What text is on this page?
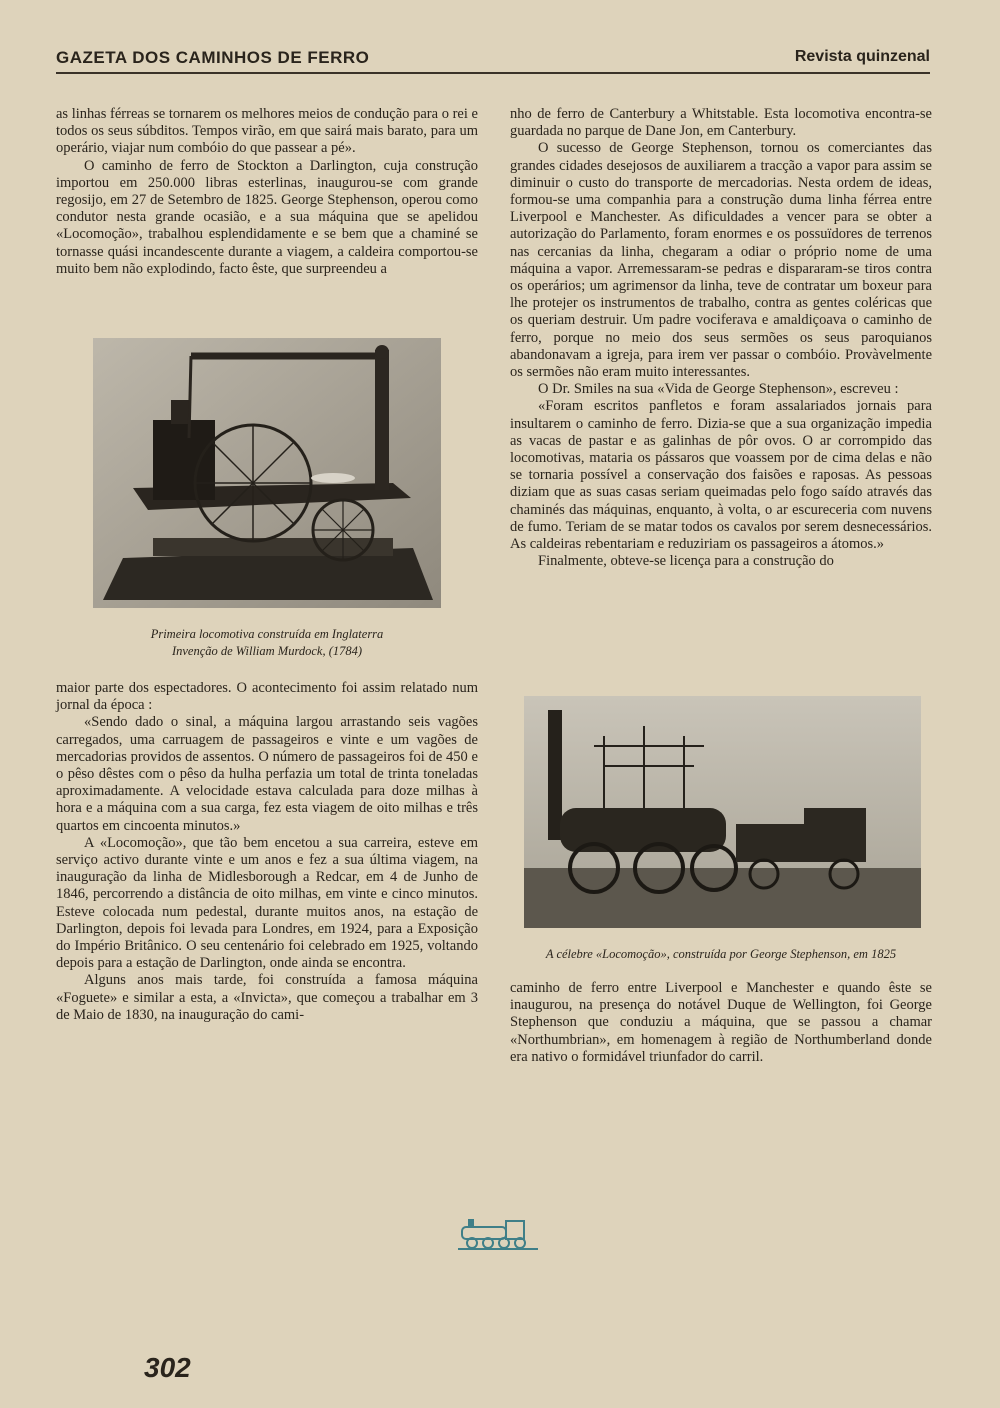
GAZETA DOS CAMINHOS DE FERRO	Revista quinzenal

as linhas férreas se tornarem os melhores meios de condução para o rei e todos os seus súbditos. Tempos virão, em que sairá mais barato, para um operário, viajar num combóio do que passear a pé».

O caminho de ferro de Stockton a Darlington, cuja construção importou em 250.000 libras esterlinas, inaugurou-se com grande regosijo, em 27 de Setembro de 1825. George Stephenson, operou como condutor nesta grande ocasião, e a sua máquina que se apelidou «Locomoção», trabalhou esplendidamente e se bem que a chaminé se tornasse quási incandescente durante a viagem, a caldeira comportou-se muito bem não explodindo, facto êste, que surpreendeu a

Primeira locomotiva construída em Inglaterra
Invenção de William Murdock, (1784)

maior parte dos espectadores. O acontecimento foi assim relatado num jornal da época :

«Sendo dado o sinal, a máquina largou arrastando seis vagões carregados, uma carruagem de passageiros e vinte e um vagões de mercadorias providos de assentos. O número de passageiros foi de 450 e o pêso dêstes com o pêso da hulha perfazia um total de trinta toneladas aproximadamente. A velocidade estava calculada para doze milhas à hora e a máquina com a sua carga, fez esta viagem de oito milhas e três quartos em cincoenta minutos.»

A «Locomoção», que tão bem encetou a sua carreira, esteve em serviço activo durante vinte e um anos e fez a sua última viagem, na inauguração da linha de Midlesborough a Redcar, em 4 de Junho de 1846, percorrendo a distância de oito milhas, em vinte e cinco minutos. Esteve colocada num pedestal, durante muitos anos, na estação de Darlington, depois foi levada para Londres, em 1924, para a Exposição do Império Britânico. O seu centenário foi celebrado em 1925, voltando depois para a estação de Darlington, onde ainda se encontra.

Alguns anos mais tarde, foi construída a famosa máquina «Foguete» e similar a esta, a «Invicta», que começou a trabalhar em 3 de Maio de 1830, na inauguração do cami-

nho de ferro de Canterbury a Whitstable. Esta locomotiva encontra-se guardada no parque de Dane Jon, em Canterbury.

O sucesso de George Stephenson, tornou os comerciantes das grandes cidades desejosos de auxiliarem a tracção a vapor para assim se diminuir o custo do transporte de mercadorias. Nesta ordem de ideas, formou-se uma companhia para a construção duma linha férrea entre Liverpool e Manchester. As dificuldades a vencer para se obter a autorização do Parlamento, foram enormes e os possuïdores de terrenos nas cercanias da linha, chegaram a odiar o próprio nome de uma máquina a vapor. Arremessaram-se pedras e dispararam-se tiros contra os operários; um agrimensor da linha, teve de contratar um boxeur para lhe protejer os instrumentos de trabalho, contra as gentes coléricas que os queriam destruir. Um padre vociferava e amaldiçoava o caminho de ferro, porque no meio dos seus sermões os seus paroquianos abandonavam a igreja, para irem ver passar o combóio. Provàvelmente os sermões não eram muito interessantes.

O Dr. Smiles na sua «Vida de George Stephenson», escreveu :

«Foram escritos panfletos e foram assalariados jornais para insultarem o caminho de ferro. Dizia-se que a sua organização impedia as vacas de pastar e as galinhas de pôr ovos. O ar corrompido das locomotivas, mataria os pássaros que voassem por de cima delas e não se tornaria possível a conservação dos faisões e raposas. As pessoas diziam que as suas casas seriam queimadas pelo fogo saído através das chaminés das máquinas, enquanto, à volta, o ar escureceria com nuvens de fumo. Teriam de se matar todos os cavalos por serem desnecessários. As caldeiras rebentariam e reduziriam os passageiros a átomos.»

Finalmente, obteve-se licença para a construção do

A célebre «Locomoção», construída por George Stephenson, em 1825

caminho de ferro entre Liverpool e Manchester e quando êste se inaugurou, na presença do notável Duque de Wellington, foi George Stephenson que conduziu a máquina, que se passou a chamar «Northumbrian», em homenagem à região de Northumberland donde era nativo o formidável triunfador do carril.

302
